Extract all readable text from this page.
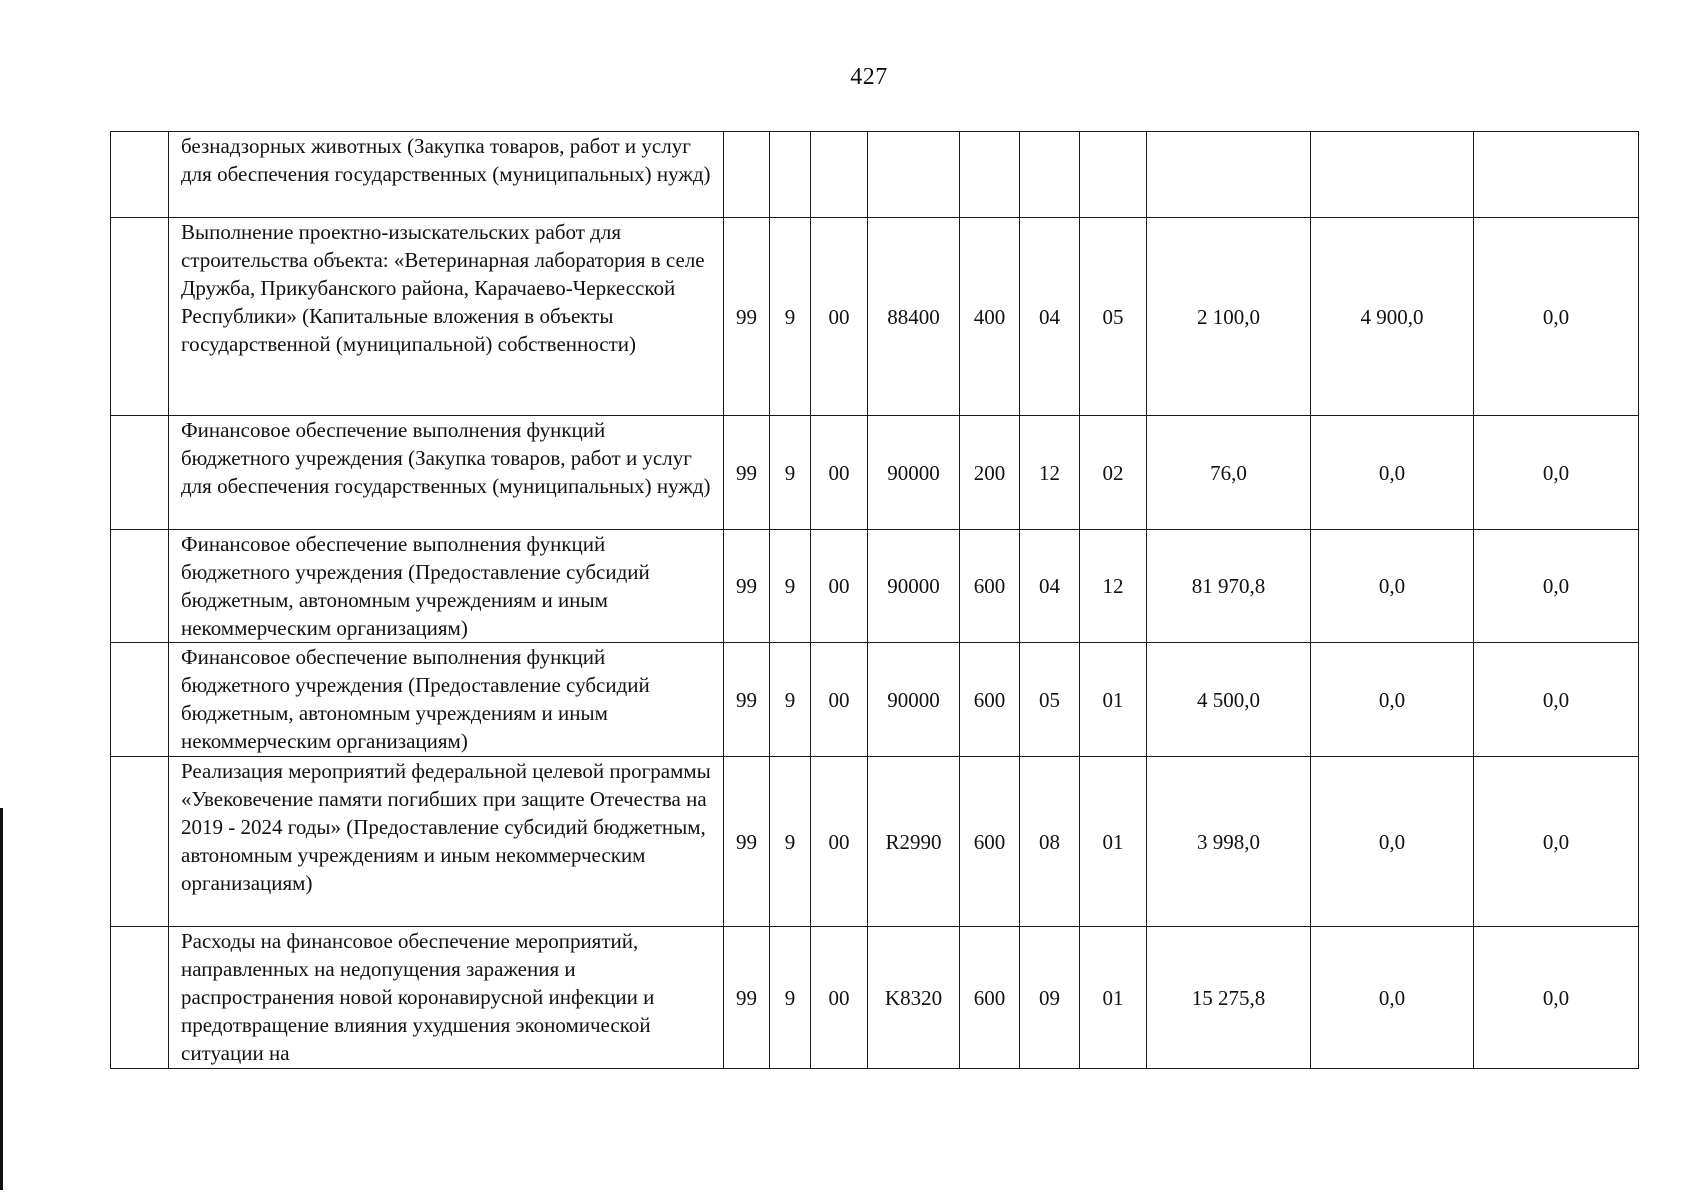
427
	безнадзорных животных (Закупка товаров, работ и услуг для обеспечения государственных (муниципальных) нужд)										
	Выполнение проектно-изыскательских работ для строительства объекта: «Ветеринарная лаборатория в селе Дружба, Прикубанского района, Карачаево-Черкесской Республики» (Капитальные вложения в объекты государственной (муниципальной) собственности)	99	9	00	88400	400	04	05	2 100,0	4 900,0	0,0
	Финансовое обеспечение выполнения функций бюджетного учреждения (Закупка товаров, работ и услуг для обеспечения государственных (муниципальных) нужд)	99	9	00	90000	200	12	02	76,0	0,0	0,0
	Финансовое обеспечение выполнения функций бюджетного учреждения (Предоставление субсидий бюджетным, автономным учреждениям и иным некоммерческим организациям)	99	9	00	90000	600	04	12	81 970,8	0,0	0,0
	Финансовое обеспечение выполнения функций бюджетного учреждения (Предоставление субсидий бюджетным, автономным учреждениям и иным некоммерческим организациям)	99	9	00	90000	600	05	01	4 500,0	0,0	0,0
	Реализация мероприятий федеральной целевой программы «Увековечение памяти погибших при защите Отечества на 2019 - 2024 годы» (Предоставление субсидий бюджетным, автономным учреждениям и иным некоммерческим организациям)	99	9	00	R2990	600	08	01	3 998,0	0,0	0,0
	Расходы на финансовое обеспечение мероприятий, направленных на недопущения заражения и распространения новой коронавирусной инфекции и предотвращение влияния ухудшения экономической ситуации на	99	9	00	K8320	600	09	01	15 275,8	0,0	0,0
